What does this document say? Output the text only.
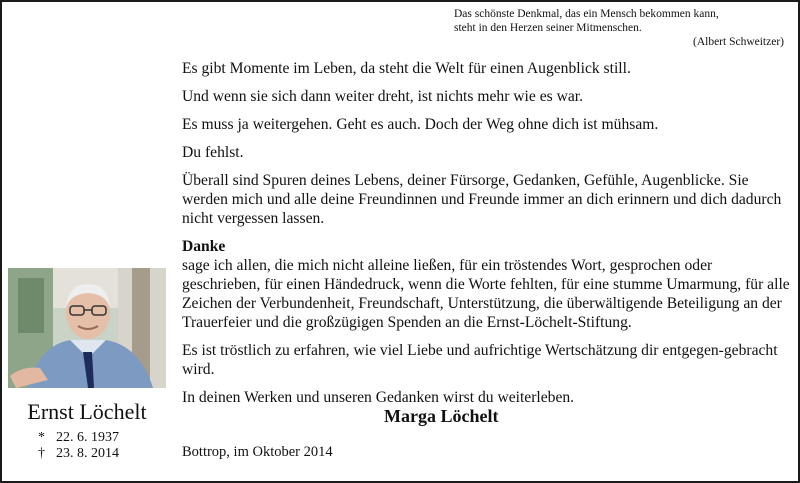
Das schönste Denkmal, das ein Mensch bekommen kann,
steht in den Herzen seiner Mitmenschen.
(Albert Schweitzer)

Es gibt Momente im Leben, da steht die Welt für einen Augenblick still.

Und wenn sie sich dann weiter dreht, ist nichts mehr wie es war.

Es muss ja weitergehen. Geht es auch. Doch der Weg ohne dich ist mühsam.

Du fehlst.

Überall sind Spuren deines Lebens, deiner Fürsorge, Gedanken, Gefühle, Augenblicke. Sie werden mich und alle deine Freundinnen und Freunde immer an dich erinnern und dich dadurch nicht vergessen lassen.

Danke

sage ich allen, die mich nicht alleine ließen, für ein tröstendes Wort, gesprochen oder geschrieben, für einen Händedruck, wenn die Worte fehlten, für eine stumme Umarmung, für alle Zeichen der Verbundenheit, Freundschaft, Unterstützung, die überwältigende Beteiligung an der Trauerfeier und die großzügigen Spenden an die Ernst-Löchelt-Stiftung.

Es ist tröstlich zu erfahren, wie viel Liebe und aufrichtige Wertschätzung dir entgegen-gebracht wird.

In deinen Werken und unseren Gedanken wirst du weiterleben.

Ernst Löchelt
* 22. 6. 1937
† 23. 8. 2014
Marga Löchelt
Bottrop, im Oktober 2014
